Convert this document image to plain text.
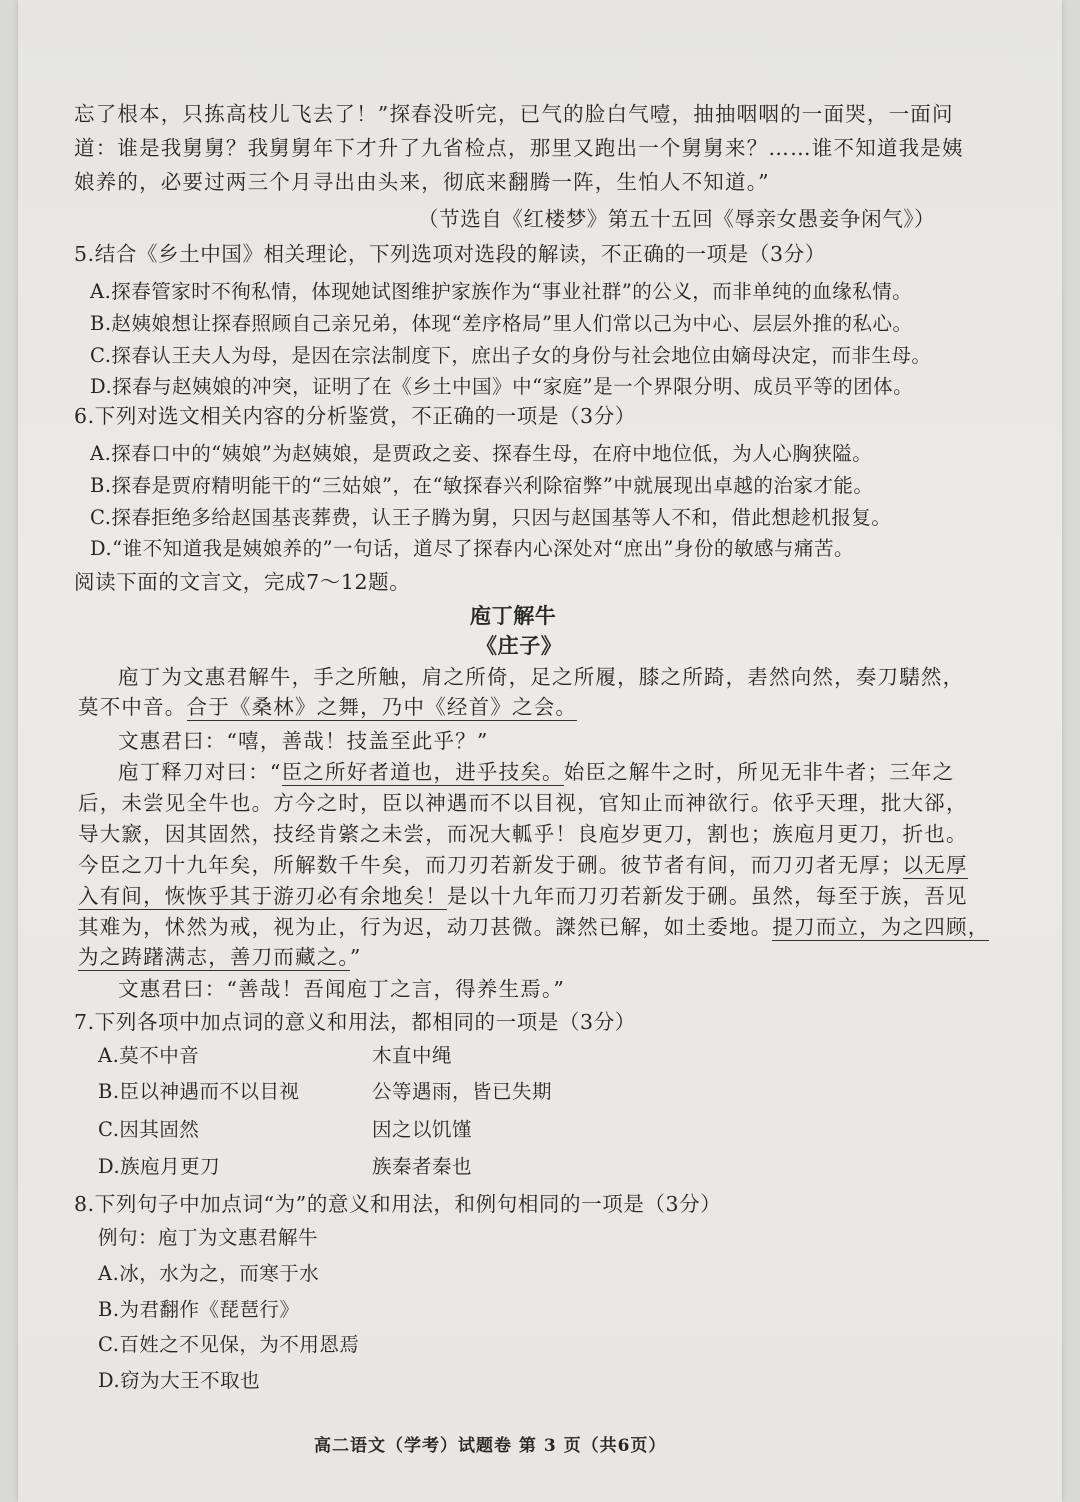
忘了根本，只拣高枝儿飞去了！”探春没听完，已气的脸白气噎，抽抽咽咽的一面哭，一面问
道：谁是我舅舅？我舅舅年下才升了九省检点，那里又跑出一个舅舅来？……谁不知道我是姨
娘养的，必要过两三个月寻出由头来，彻底来翻腾一阵，生怕人不知道。”
（节选自《红楼梦》第五十五回《辱亲女愚妾争闲气》）
5.结合《乡土中国》相关理论，下列选项对选段的解读，不正确的一项是（3分）
A.探春管家时不徇私情，体现她试图维护家族作为“事业社群”的公义，而非单纯的血缘私情。
B.赵姨娘想让探春照顾自己亲兄弟，体现“差序格局”里人们常以己为中心、层层外推的私心。
C.探春认王夫人为母，是因在宗法制度下，庶出子女的身份与社会地位由嫡母决定，而非生母。
D.探春与赵姨娘的冲突，证明了在《乡土中国》中“家庭”是一个界限分明、成员平等的团体。
6.下列对选文相关内容的分析鉴赏，不正确的一项是（3分）
A.探春口中的“姨娘”为赵姨娘，是贾政之妾、探春生母，在府中地位低，为人心胸狭隘。
B.探春是贾府精明能干的“三姑娘”，在“敏探春兴利除宿弊”中就展现出卓越的治家才能。
C.探春拒绝多给赵国基丧葬费，认王子腾为舅，只因与赵国基等人不和，借此想趁机报复。
D.“谁不知道我是姨娘养的”一句话，道尽了探春内心深处对“庶出”身份的敏感与痛苦。
阅读下面的文言文，完成7～12题。
庖丁解牛
《庄子》
庖丁为文惠君解牛，手之所触，肩之所倚，足之所履，膝之所踦，砉然向然，奏刀騞然，
莫不中音。合于《桑林》之舞，乃中《经首》之会。
文惠君曰：“嘻，善哉！技盖至此乎？”
庖丁释刀对曰：“臣之所好者道也，进乎技矣。始臣之解牛之时，所见无非牛者；三年之
后，未尝见全牛也。方今之时，臣以神遇而不以目视，官知止而神欲行。依乎天理，批大郤，
导大窾，因其固然，技经肯綮之未尝，而况大軱乎！良庖岁更刀，割也；族庖月更刀，折也。
今臣之刀十九年矣，所解数千牛矣，而刀刃若新发于硎。彼节者有间，而刀刃者无厚；以无厚
入有间，恢恢乎其于游刃必有余地矣！是以十九年而刀刃若新发于硎。虽然，每至于族，吾见
其难为，怵然为戒，视为止，行为迟，动刀甚微。謋然已解，如土委地。提刀而立，为之四顾，
为之踌躇满志，善刀而藏之。”
文惠君曰：“善哉！吾闻庖丁之言，得养生焉。”
7.下列各项中加点词的意义和用法，都相同的一项是（3分）
A.莫不中音	木直中绳
B.臣以神遇而不以目视	公等遇雨，皆已失期
C.因其固然	因之以饥馑
D.族庖月更刀	族秦者秦也
8.下列句子中加点词“为”的意义和用法，和例句相同的一项是（3分）
例句：庖丁为文惠君解牛
A.冰，水为之，而寒于水
B.为君翻作《琵琶行》
C.百姓之不见保，为不用恩焉
D.窃为大王不取也
高二语文（学考）试题卷 第 3 页（共6页）
